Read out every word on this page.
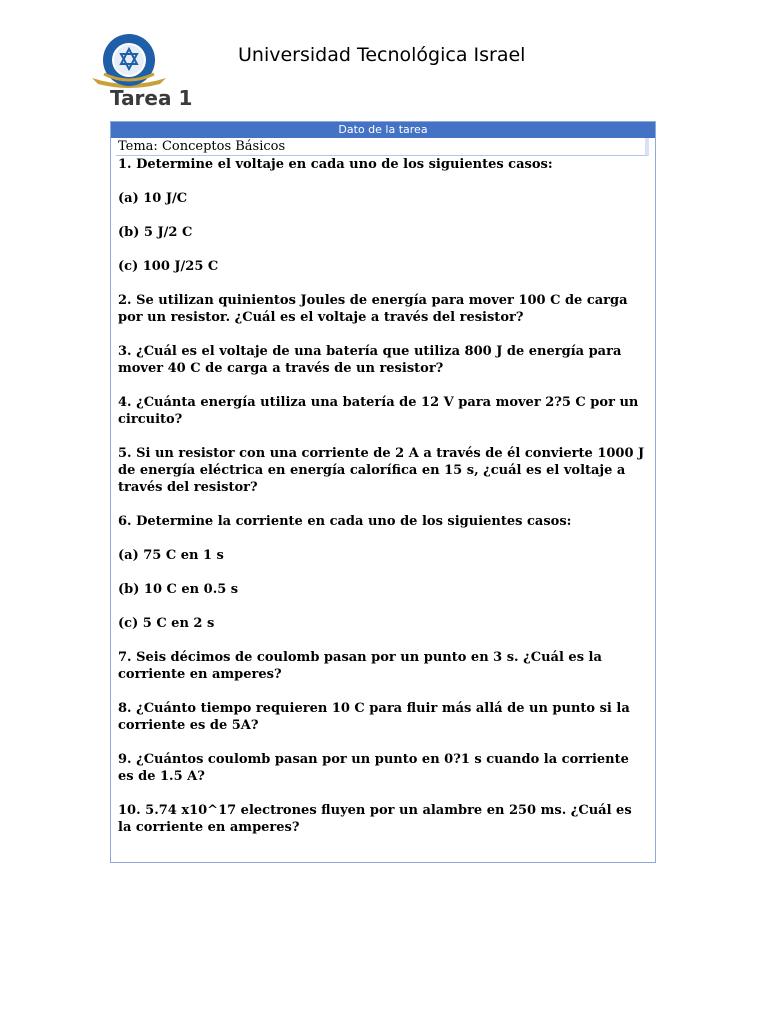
Universidad Tecnológica Israel
Tarea 1
Dato de la tarea
Tema: Conceptos Básicos

1. Determine el voltaje en cada uno de los siguientes casos:

(a) 10 J/C

(b) 5 J/2 C

(c) 100 J/25 C

2. Se utilizan quinientos Joules de energía para mover 100 C de carga por un resistor. ¿Cuál es el voltaje a través del resistor?

3. ¿Cuál es el voltaje de una batería que utiliza 800 J de energía para mover 40 C de carga a través de un resistor?

4. ¿Cuánta energía utiliza una batería de 12 V para mover 2?5 C por un circuito?

5. Si un resistor con una corriente de 2 A a través de él convierte 1000 J de energía eléctrica en energía calorífica en 15 s, ¿cuál es el voltaje a través del resistor?

6. Determine la corriente en cada uno de los siguientes casos:

(a) 75 C en 1 s

(b) 10 C en 0.5 s

(c) 5 C en 2 s

7. Seis décimos de coulomb pasan por un punto en 3 s. ¿Cuál es la corriente en amperes?

8. ¿Cuánto tiempo requieren 10 C para fluir más allá de un punto si la corriente es de 5A?

9. ¿Cuántos coulomb pasan por un punto en 0?1 s cuando la corriente es de 1.5 A?

10. 5.74 x10^17 electrones fluyen por un alambre en 250 ms. ¿Cuál es la corriente en amperes?
